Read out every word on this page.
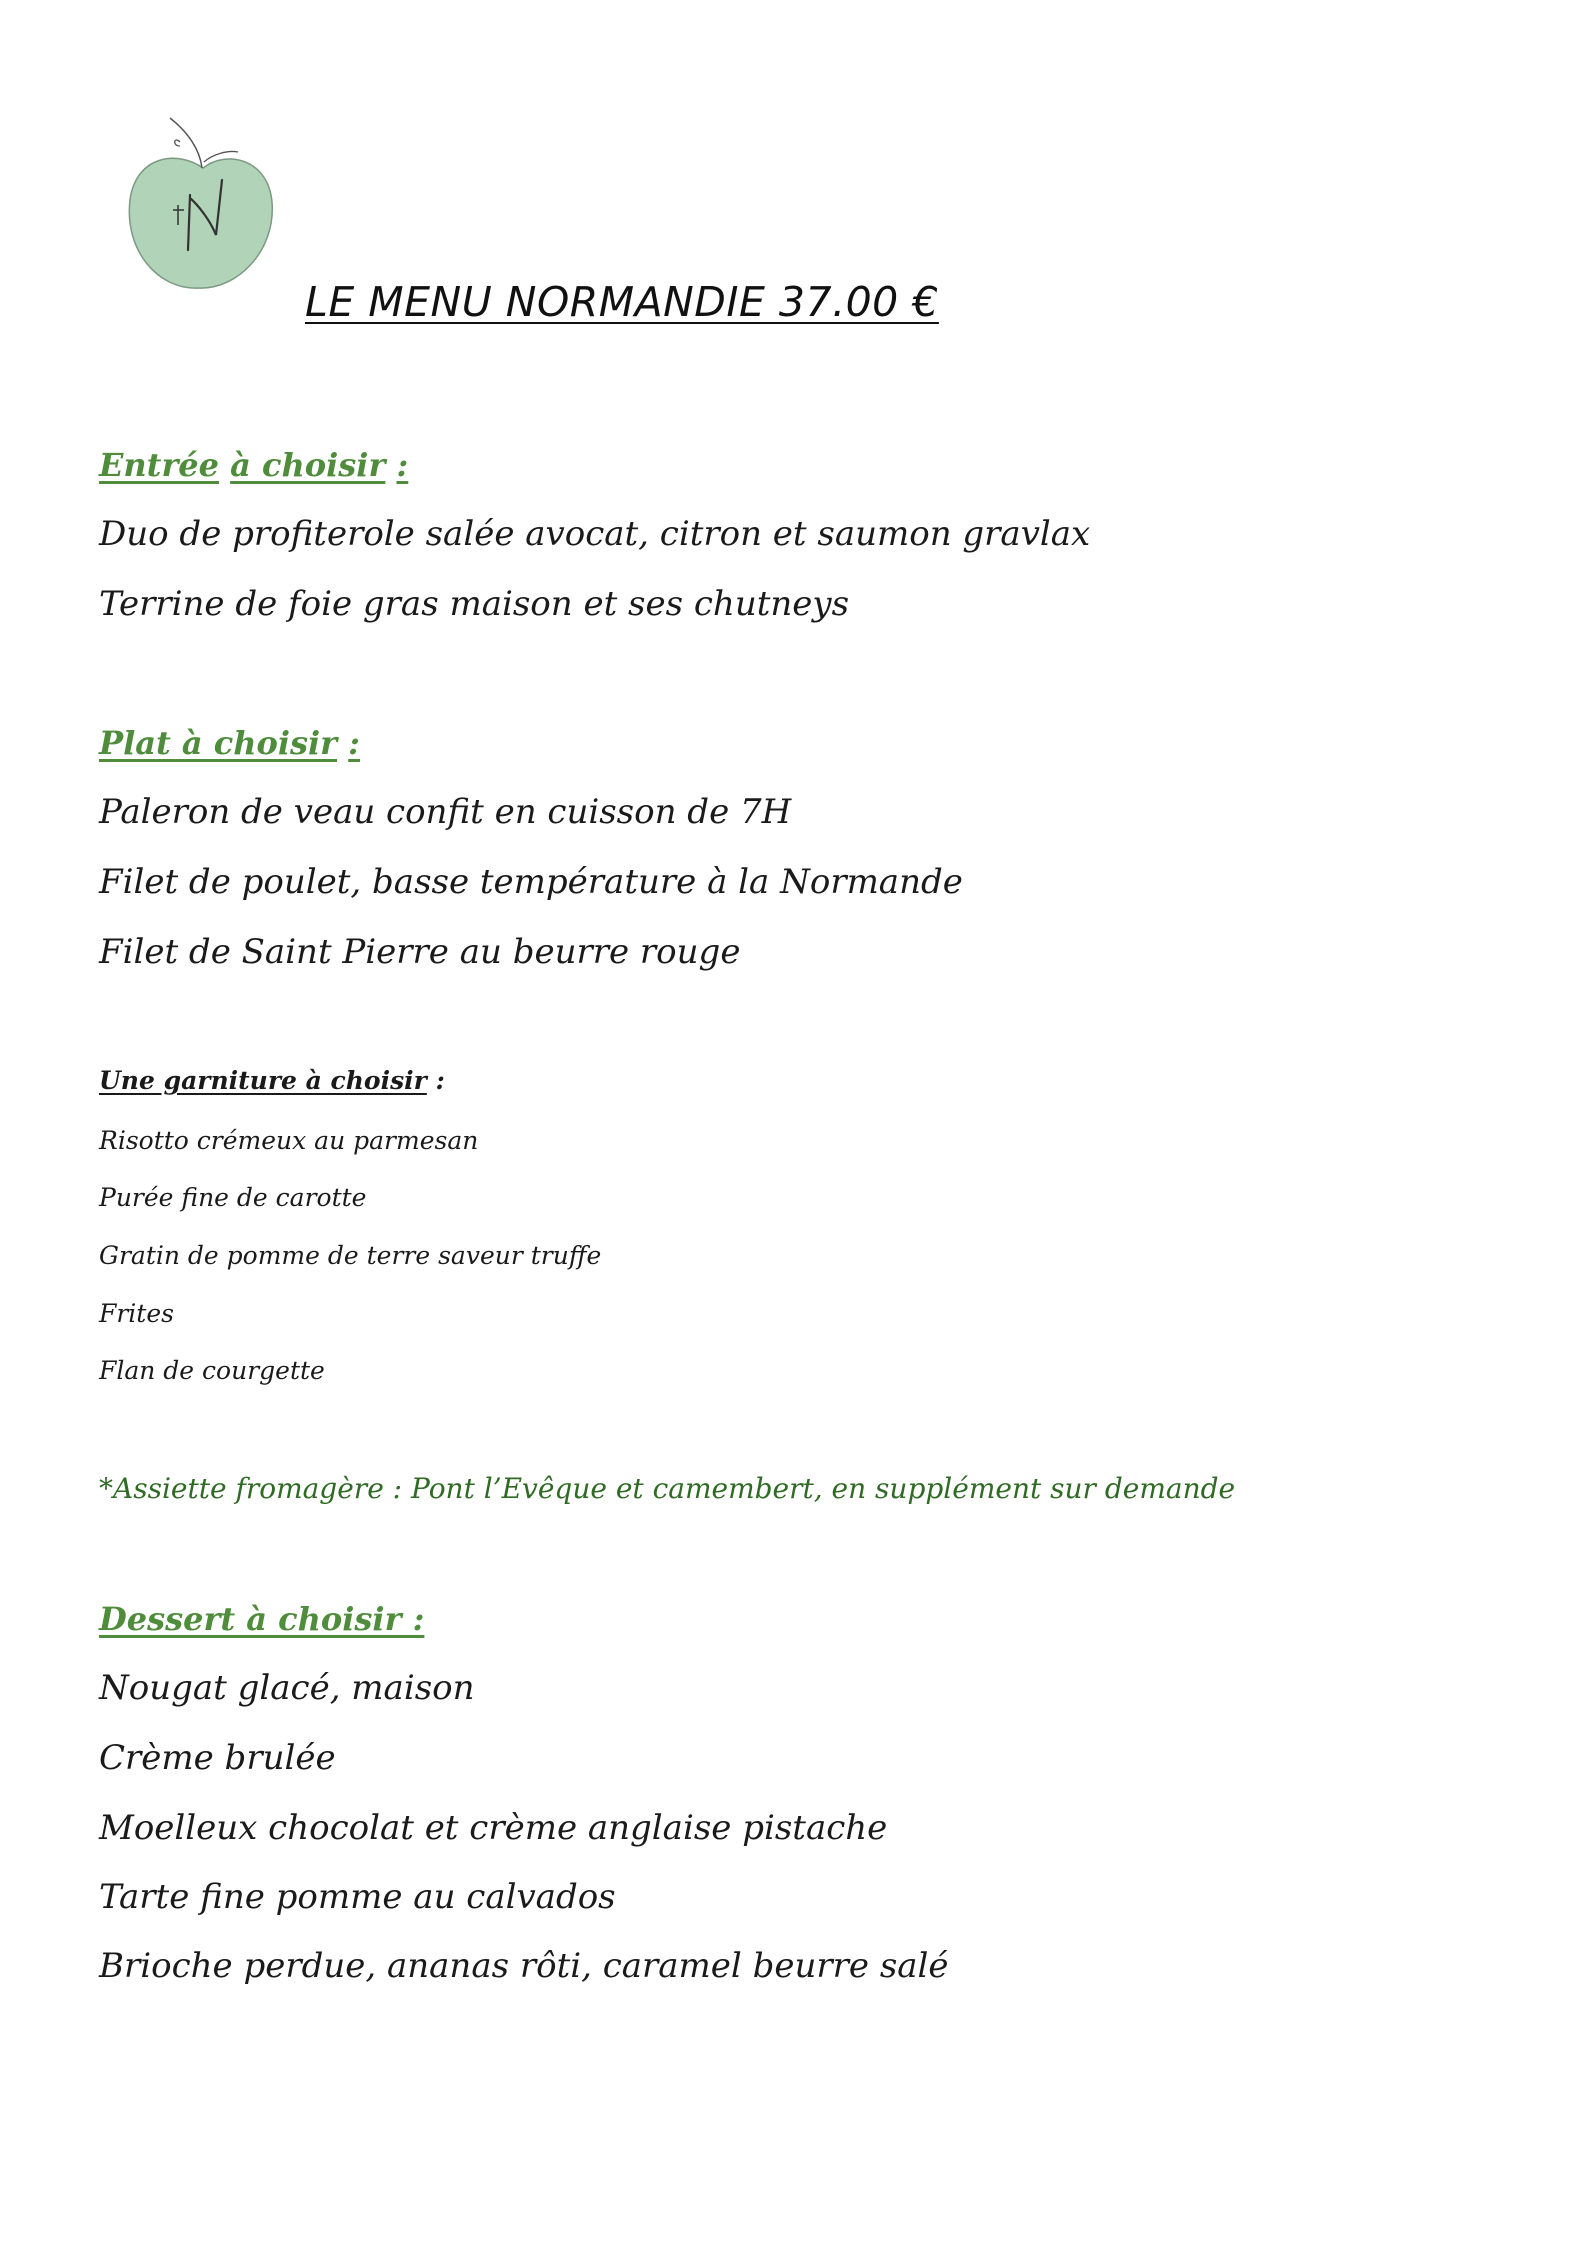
LE MENU NORMANDIE 37.00 €
Entrée à choisir :
Duo de profiterole salée avocat, citron et saumon gravlax
Terrine de foie gras maison et ses chutneys
Plat à choisir :
Paleron de veau confit en cuisson de 7H
Filet de poulet, basse température à la Normande
Filet de Saint Pierre au beurre rouge
Une garniture à choisir :
Risotto crémeux au parmesan
Purée fine de carotte
Gratin de pomme de terre saveur truffe
Frites
Flan de courgette
*Assiette fromagère : Pont l’Evêque et camembert, en supplément sur demande
Dessert à choisir :
Nougat glacé, maison
Crème brulée
Moelleux chocolat et crème anglaise pistache
Tarte fine pomme au calvados
Brioche perdue, ananas rôti, caramel beurre salé
